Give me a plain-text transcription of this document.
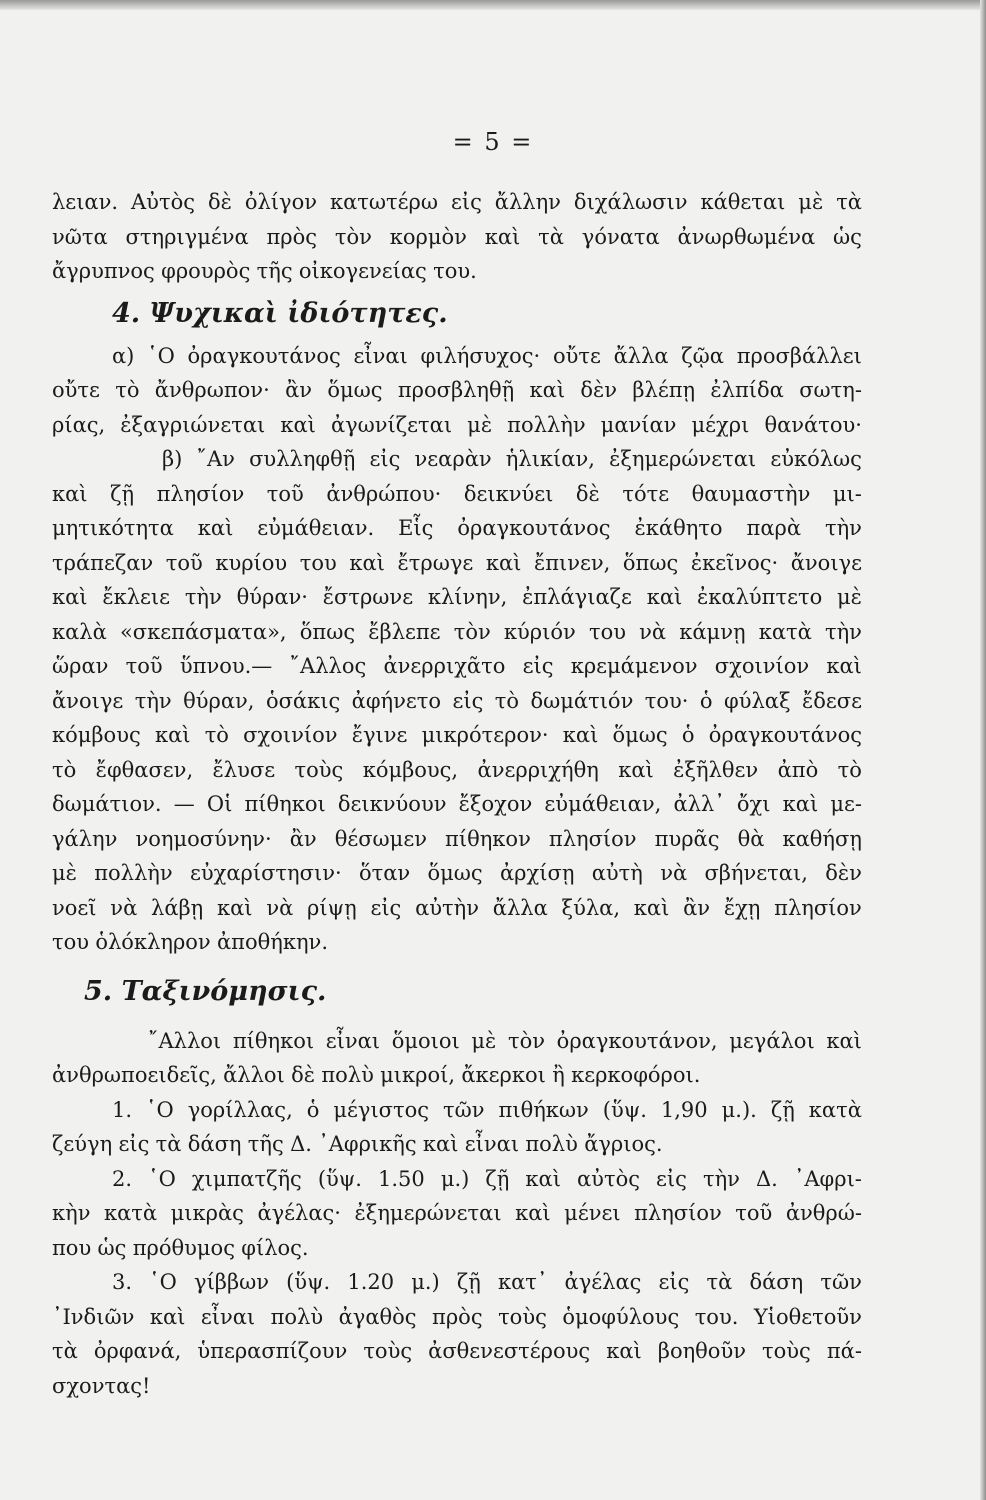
= 5 =
λειαν. Αὐτὸς δὲ ὀλίγον κατωτέρω εἰς ἄλλην διχάλωσιν κάθεται μὲ τὰ
νῶτα στηριγμένα πρὸς τὸν κορμὸν καὶ τὰ γόνατα ἀνωρθωμένα ὡς
ἄγρυπνος φρουρὸς τῆς οἰκογενείας του.
4. Ψυχικαὶ ἰδιότητες.
α) ῾Ο ὀραγκουτάνος εἶναι φιλήσυχος· οὔτε ἄλλα ζῷα προσβάλλει
οὔτε τὸ ἄνθρωπον· ἂν ὅμως προσβληθῇ καὶ δὲν βλέπῃ ἐλπίδα σωτη-
ρίας, ἐξαγριώνεται καὶ ἀγωνίζεται μὲ πολλὴν μανίαν μέχρι θανάτου·
β) ῎Αν συλληφθῇ εἰς νεαρὰν ἡλικίαν, ἐξημερώνεται εὐκόλως
καὶ ζῇ πλησίον τοῦ ἀνθρώπου· δεικνύει δὲ τότε θαυμαστὴν μι-
μητικότητα καὶ εὐμάθειαν. Εἷς ὀραγκουτάνος ἐκάθητο παρὰ τὴν
τράπεζαν τοῦ κυρίου του καὶ ἔτρωγε καὶ ἔπινεν, ὅπως ἐκεῖνος· ἄνοιγε
καὶ ἔκλειε τὴν θύραν· ἔστρωνε κλίνην, ἐπλάγιαζε καὶ ἐκαλύπτετο μὲ
καλὰ «σκεπάσματα», ὅπως ἔβλεπε τὸν κύριόν του νὰ κάμνῃ κατὰ τὴν
ὥραν τοῦ ὕπνου.— ῎Αλλος ἀνερριχᾶτο εἰς κρεμάμενον σχοινίον καὶ
ἄνοιγε τὴν θύραν, ὁσάκις ἀφήνετο εἰς τὸ δωμάτιόν του· ὁ φύλαξ ἔδεσε
κόμβους καὶ τὸ σχοινίον ἔγινε μικρότερον· καὶ ὅμως ὁ ὀραγκουτάνος
τὸ ἔφθασεν, ἔλυσε τοὺς κόμβους, ἀνερριχήθη καὶ ἐξῆλθεν ἀπὸ τὸ
δωμάτιον. — Οἱ πίθηκοι δεικνύουν ἔξοχον εὐμάθειαν, ἀλλ᾽ ὄχι καὶ με-
γάλην νοημοσύνην· ἂν θέσωμεν πίθηκον πλησίον πυρᾶς θὰ καθήσῃ
μὲ πολλὴν εὐχαρίστησιν· ὅταν ὅμως ἀρχίσῃ αὐτὴ νὰ σβήνεται, δὲν
νοεῖ νὰ λάβῃ καὶ νὰ ρίψῃ εἰς αὐτὴν ἄλλα ξύλα, καὶ ἂν ἔχῃ πλησίον
του ὁλόκληρον ἀποθήκην.
5. Ταξινόμησις.
῎Αλλοι πίθηκοι εἶναι ὅμοιοι μὲ τὸν ὀραγκουτάνον, μεγάλοι καὶ
ἀνθρωποειδεῖς, ἄλλοι δὲ πολὺ μικροί, ἄκερκοι ἢ κερκοφόροι.
1. ῾Ο γορίλλας, ὁ μέγιστος τῶν πιθήκων (ὕψ. 1,90 μ.). ζῇ κατὰ
ζεύγη εἰς τὰ δάση τῆς Δ. ᾽Αφρικῆς καὶ εἶναι πολὺ ἄγριος.
2. ῾Ο χιμπατζῆς (ὕψ. 1.50 μ.) ζῇ καὶ αὐτὸς εἰς τὴν Δ. ᾽Αφρι-
κὴν κατὰ μικρὰς ἀγέλας· ἐξημερώνεται καὶ μένει πλησίον τοῦ ἀνθρώ-
που ὡς πρόθυμος φίλος.
3. ῾Ο γίββων (ὕψ. 1.20 μ.) ζῇ κατ᾽ ἀγέλας εἰς τὰ δάση τῶν
᾽Ινδιῶν καὶ εἶναι πολὺ ἀγαθὸς πρὸς τοὺς ὁμοφύλους του. Υἱοθετοῦν
τὰ ὀρφανά, ὑπερασπίζουν τοὺς ἀσθενεστέρους καὶ βοηθοῦν τοὺς πά-
σχοντας!
